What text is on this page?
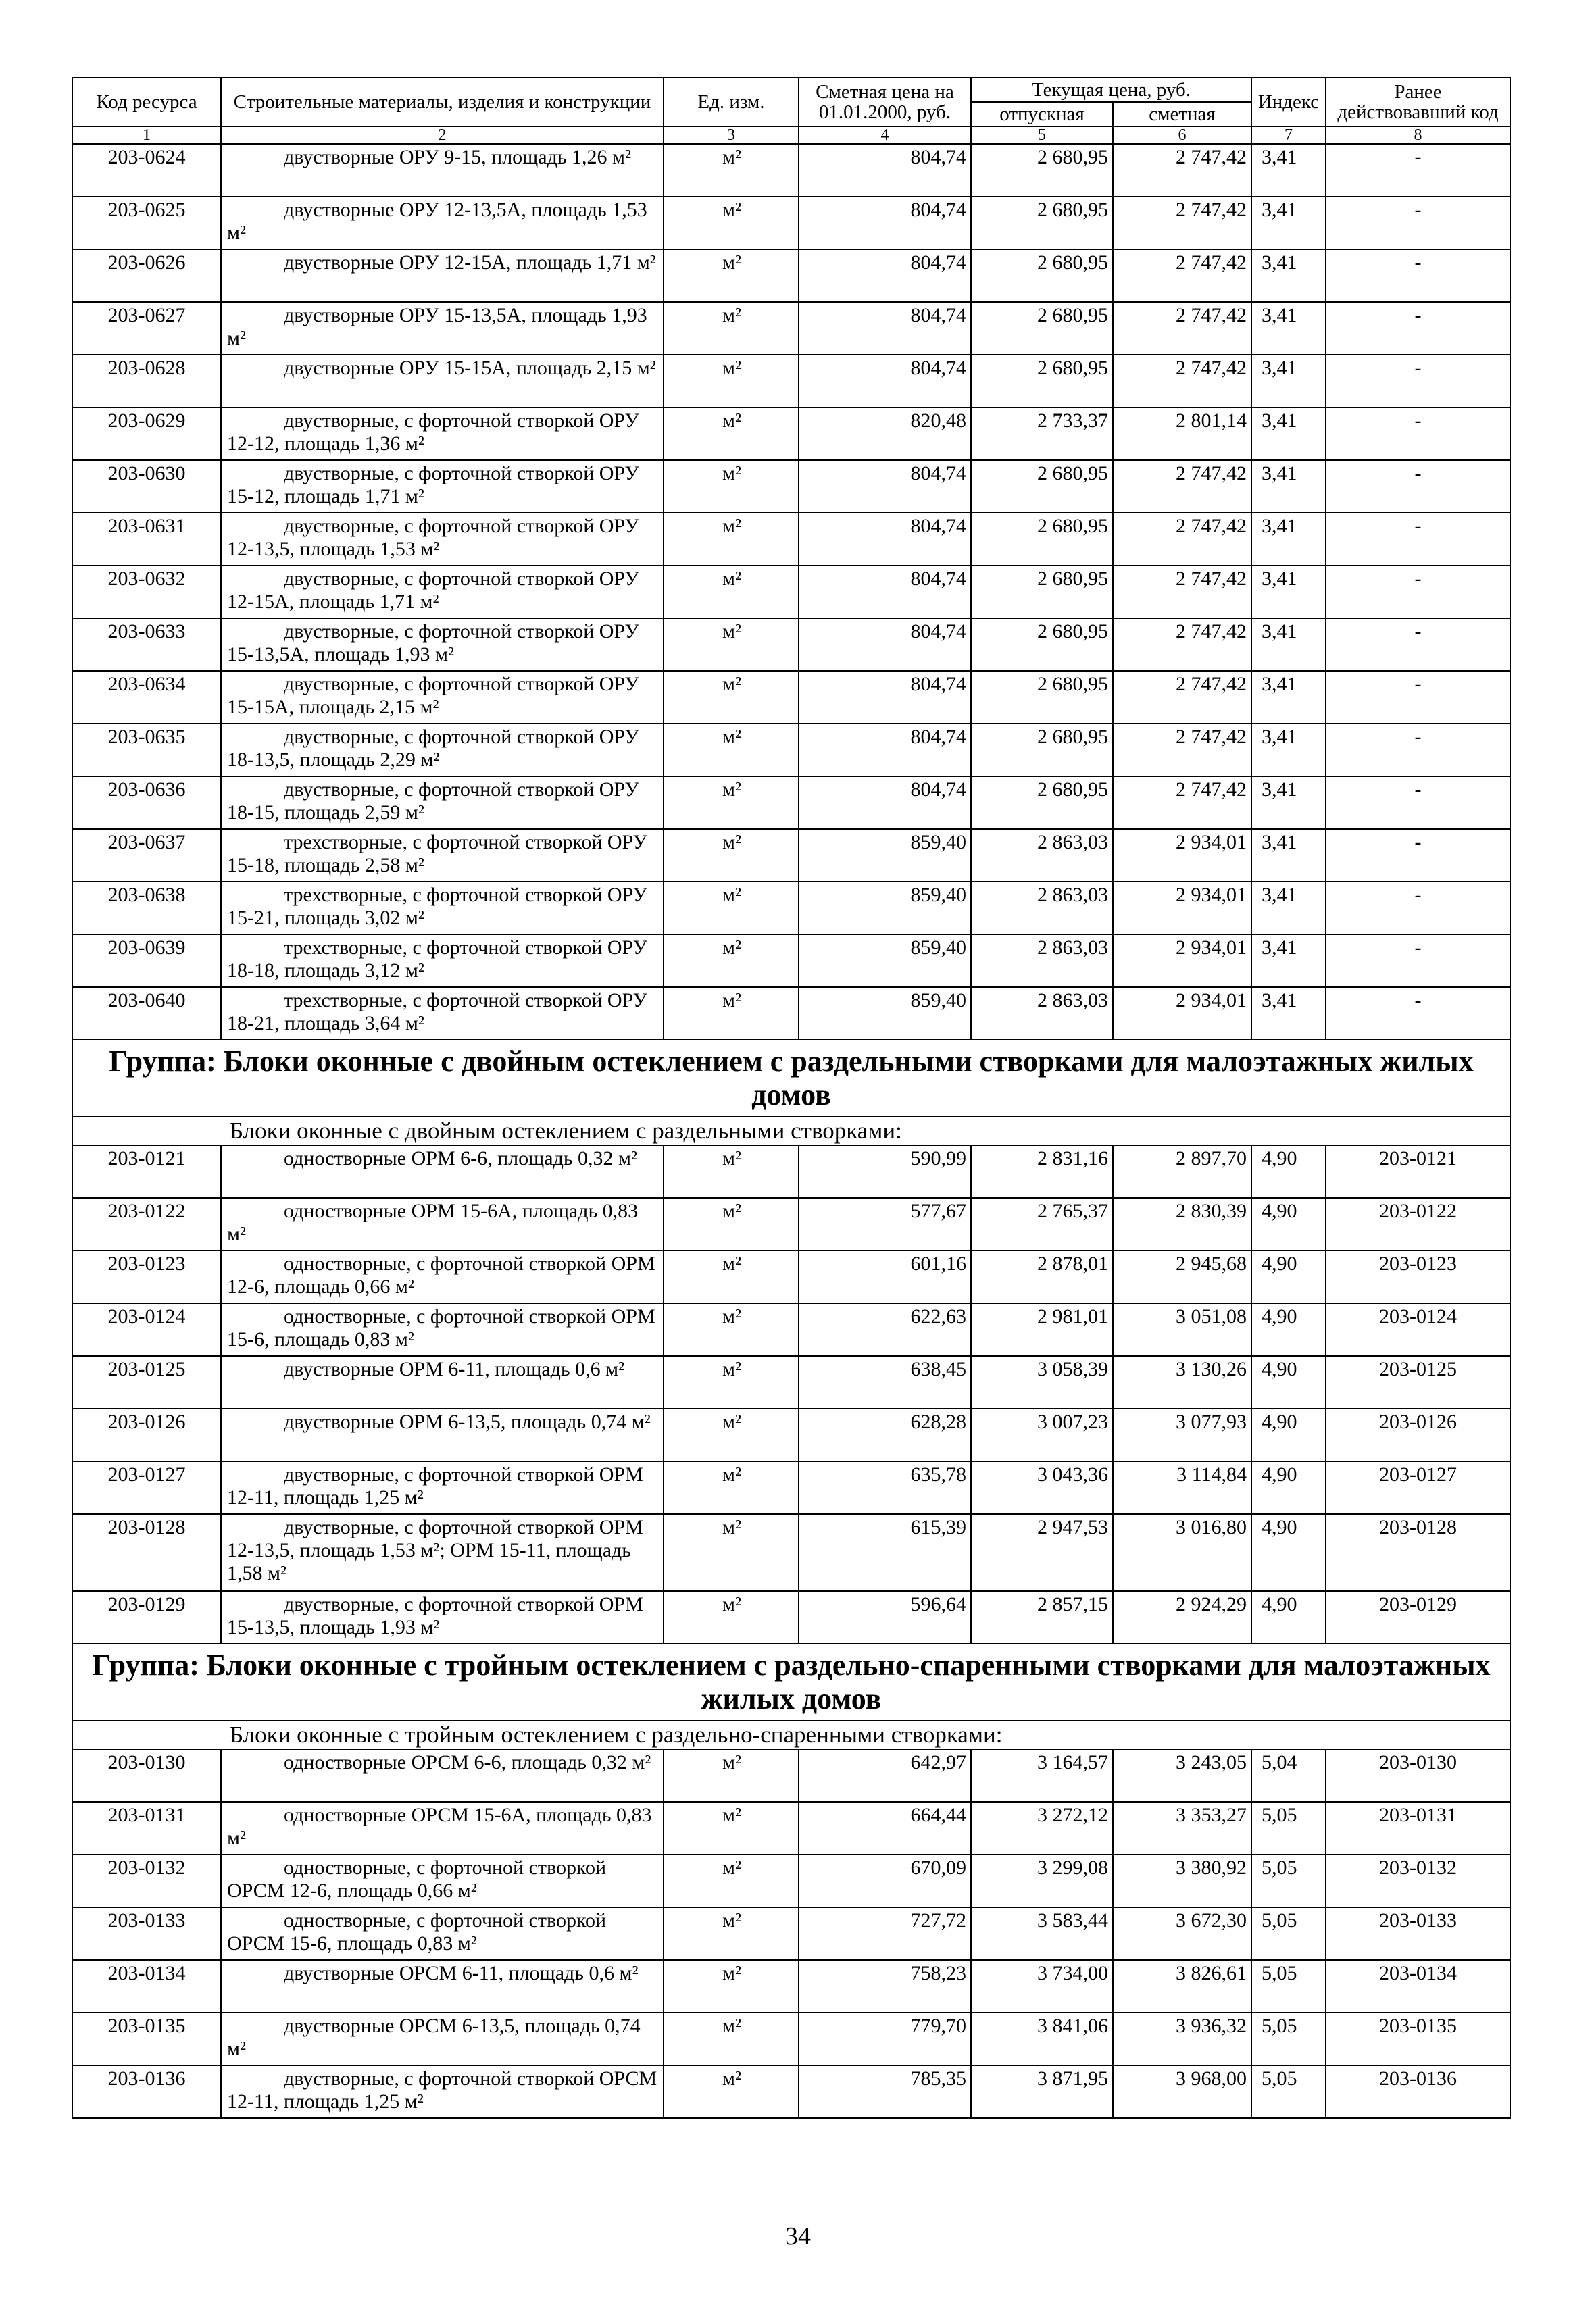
Код ресурса	Строительные материалы, изделия и конструкции	Ед. изм.	Сметная цена на 01.01.2000, руб.	Текущая цена, руб.		Индекс	Ранее действовавший код
				отпускная	сметная		
1	2	3	4	5	6	7	8
203-0624	двустворные ОРУ 9-15, площадь 1,26 м²	м²	804,74	2 680,95	2 747,42	3,41	-
203-0625	двустворные ОРУ 12-13,5А, площадь 1,53 м²	м²	804,74	2 680,95	2 747,42	3,41	-
203-0626	двустворные ОРУ 12-15А, площадь 1,71 м²	м²	804,74	2 680,95	2 747,42	3,41	-
203-0627	двустворные ОРУ 15-13,5А, площадь 1,93 м²	м²	804,74	2 680,95	2 747,42	3,41	-
203-0628	двустворные ОРУ 15-15А, площадь 2,15 м²	м²	804,74	2 680,95	2 747,42	3,41	-
203-0629	двустворные, с форточной створкой ОРУ 12-12, площадь 1,36 м²	м²	820,48	2 733,37	2 801,14	3,41	-
203-0630	двустворные, с форточной створкой ОРУ 15-12, площадь 1,71 м²	м²	804,74	2 680,95	2 747,42	3,41	-
203-0631	двустворные, с форточной створкой ОРУ 12-13,5, площадь 1,53 м²	м²	804,74	2 680,95	2 747,42	3,41	-
203-0632	двустворные, с форточной створкой ОРУ 12-15А, площадь 1,71 м²	м²	804,74	2 680,95	2 747,42	3,41	-
203-0633	двустворные, с форточной створкой ОРУ 15-13,5А, площадь 1,93 м²	м²	804,74	2 680,95	2 747,42	3,41	-
203-0634	двустворные, с форточной створкой ОРУ 15-15А, площадь 2,15 м²	м²	804,74	2 680,95	2 747,42	3,41	-
203-0635	двустворные, с форточной створкой ОРУ 18-13,5, площадь 2,29 м²	м²	804,74	2 680,95	2 747,42	3,41	-
203-0636	двустворные, с форточной створкой ОРУ 18-15, площадь 2,59 м²	м²	804,74	2 680,95	2 747,42	3,41	-
203-0637	трехстворные, с форточной створкой ОРУ 15-18, площадь 2,58 м²	м²	859,40	2 863,03	2 934,01	3,41	-
203-0638	трехстворные, с форточной створкой ОРУ 15-21, площадь 3,02 м²	м²	859,40	2 863,03	2 934,01	3,41	-
203-0639	трехстворные, с форточной створкой ОРУ 18-18, площадь 3,12 м²	м²	859,40	2 863,03	2 934,01	3,41	-
203-0640	трехстворные, с форточной створкой ОРУ 18-21, площадь 3,64 м²	м²	859,40	2 863,03	2 934,01	3,41	-
Группа: Блоки оконные с двойным остеклением с раздельными створками для малоэтажных жилых домов							
Блоки оконные с двойным остеклением с раздельными створками:							
203-0121	одностворные ОРМ 6-6, площадь 0,32 м²	м²	590,99	2 831,16	2 897,70	4,90	203-0121
203-0122	одностворные ОРМ 15-6А, площадь 0,83 м²	м²	577,67	2 765,37	2 830,39	4,90	203-0122
203-0123	одностворные, с форточной створкой ОРМ 12-6, площадь 0,66 м²	м²	601,16	2 878,01	2 945,68	4,90	203-0123
203-0124	одностворные, с форточной створкой ОРМ 15-6, площадь 0,83 м²	м²	622,63	2 981,01	3 051,08	4,90	203-0124
203-0125	двустворные ОРМ 6-11, площадь 0,6 м²	м²	638,45	3 058,39	3 130,26	4,90	203-0125
203-0126	двустворные ОРМ 6-13,5, площадь 0,74 м²	м²	628,28	3 007,23	3 077,93	4,90	203-0126
203-0127	двустворные, с форточной створкой ОРМ 12-11, площадь 1,25 м²	м²	635,78	3 043,36	3 114,84	4,90	203-0127
203-0128	двустворные, с форточной створкой ОРМ 12-13,5, площадь 1,53 м²; ОРМ 15-11, площадь 1,58 м²	м²	615,39	2 947,53	3 016,80	4,90	203-0128
203-0129	двустворные, с форточной створкой ОРМ 15-13,5, площадь 1,93 м²	м²	596,64	2 857,15	2 924,29	4,90	203-0129
Группа: Блоки оконные с тройным остеклением с раздельно-спаренными створками для малоэтажных жилых домов							
Блоки оконные с тройным остеклением с раздельно-спаренными створками:							
203-0130	одностворные ОРСМ 6-6, площадь 0,32 м²	м²	642,97	3 164,57	3 243,05	5,04	203-0130
203-0131	одностворные ОРСМ 15-6А, площадь 0,83 м²	м²	664,44	3 272,12	3 353,27	5,05	203-0131
203-0132	одностворные, с форточной створкой ОРСМ 12-6, площадь 0,66 м²	м²	670,09	3 299,08	3 380,92	5,05	203-0132
203-0133	одностворные, с форточной створкой ОРСМ 15-6, площадь 0,83 м²	м²	727,72	3 583,44	3 672,30	5,05	203-0133
203-0134	двустворные ОРСМ 6-11, площадь 0,6 м²	м²	758,23	3 734,00	3 826,61	5,05	203-0134
203-0135	двустворные ОРСМ 6-13,5, площадь 0,74 м²	м²	779,70	3 841,06	3 936,32	5,05	203-0135
203-0136	двустворные, с форточной створкой ОРСМ 12-11, площадь 1,25 м²	м²	785,35	3 871,95	3 968,00	5,05	203-0136
34
